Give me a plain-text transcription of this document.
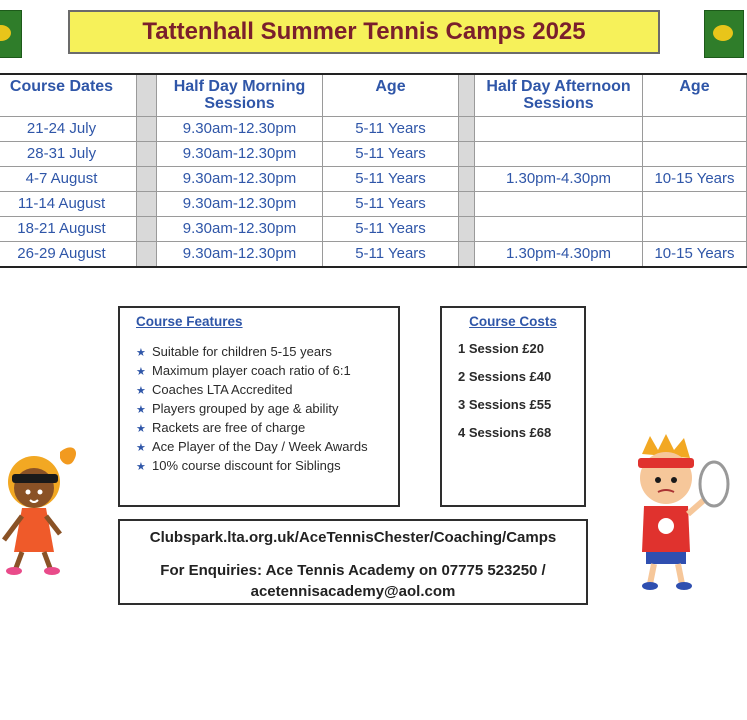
Tattenhall Summer Tennis Camps 2025
Course Dates		Half Day Morning Sessions	Age		Half Day Afternoon Sessions	Age
21-24 July		9.30am-12.30pm	5-11 Years			
28-31 July		9.30am-12.30pm	5-11 Years			
4-7 August		9.30am-12.30pm	5-11 Years		1.30pm-4.30pm	10-15 Years
11-14 August		9.30am-12.30pm	5-11 Years			
18-21 August		9.30am-12.30pm	5-11 Years			
26-29 August		9.30am-12.30pm	5-11 Years		1.30pm-4.30pm	10-15 Years
Course Features
★ Suitable for children 5-15 years
★ Maximum player coach ratio of 6:1
★ Coaches LTA Accredited
★ Players grouped by age & ability
★ Rackets are free of charge
★ Ace Player of the Day / Week Awards
★ 10% course discount for Siblings
Course Costs
1 Session £20
2 Sessions £40
3 Sessions £55
4 Sessions £68
Clubspark.lta.org.uk/AceTennisChester/Coaching/Camps
For Enquiries: Ace Tennis Academy on 07775 523250 /
acetennisacademy@aol.com
